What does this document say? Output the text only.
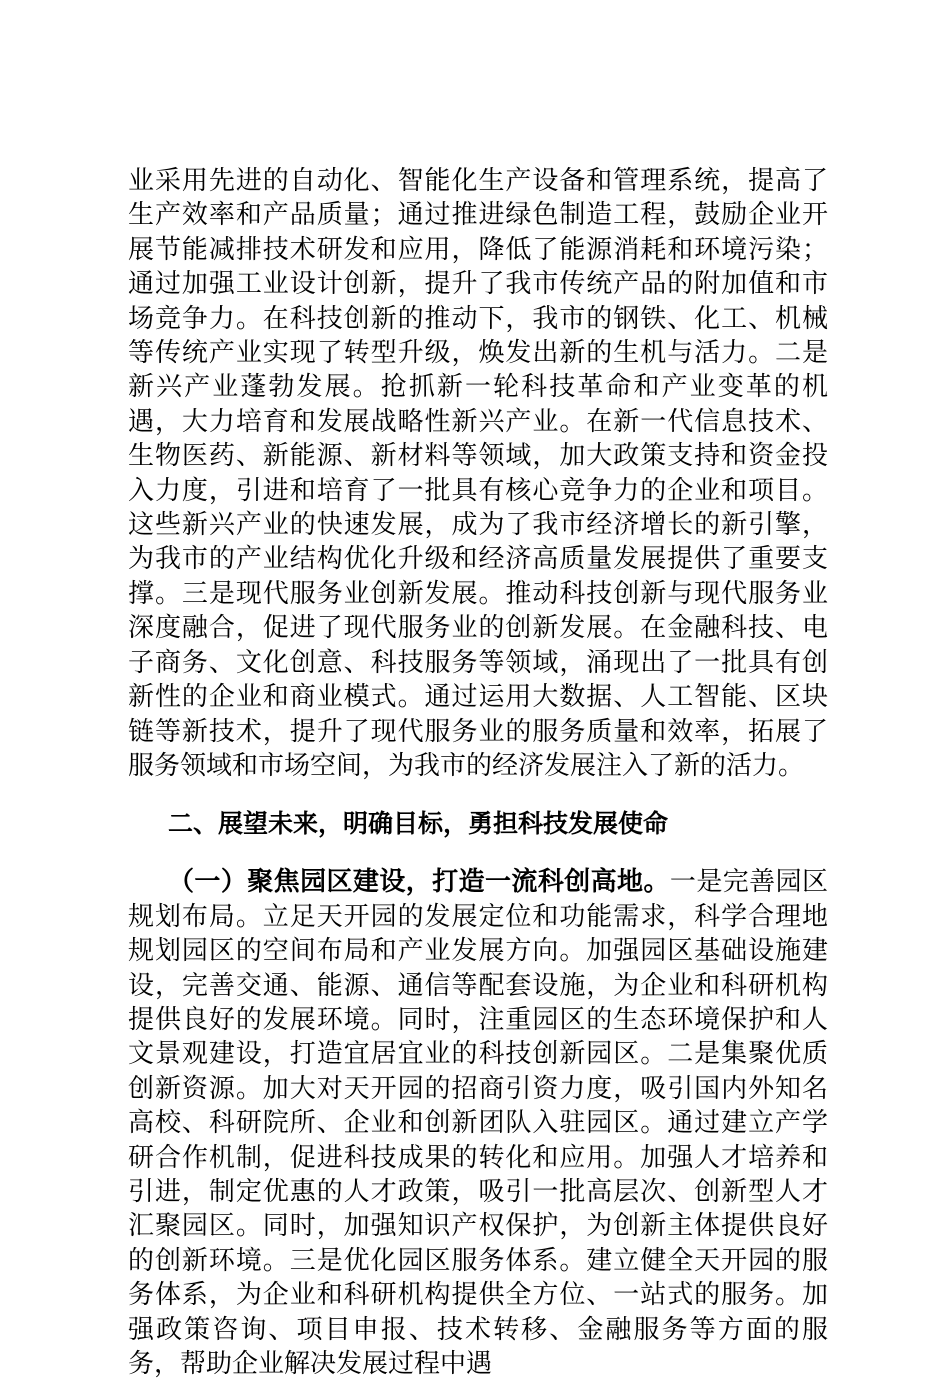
业采用先进的自动化、智能化生产设备和管理系统，提高了生产效率和产品质量；通过推进绿色制造工程，鼓励企业开展节能减排技术研发和应用，降低了能源消耗和环境污染；通过加强工业设计创新，提升了我市传统产品的附加值和市场竞争力。在科技创新的推动下，我市的钢铁、化工、机械等传统产业实现了转型升级，焕发出新的生机与活力。二是新兴产业蓬勃发展。抢抓新一轮科技革命和产业变革的机遇，大力培育和发展战略性新兴产业。在新一代信息技术、生物医药、新能源、新材料等领域，加大政策支持和资金投入力度，引进和培育了一批具有核心竞争力的企业和项目。这些新兴产业的快速发展，成为了我市经济增长的新引擎，为我市的产业结构优化升级和经济高质量发展提供了重要支撑。三是现代服务业创新发展。推动科技创新与现代服务业深度融合，促进了现代服务业的创新发展。在金融科技、电子商务、文化创意、科技服务等领域，涌现出了一批具有创新性的企业和商业模式。通过运用大数据、人工智能、区块链等新技术，提升了现代服务业的服务质量和效率，拓展了服务领域和市场空间，为我市的经济发展注入了新的活力。

二、展望未来，明确目标，勇担科技发展使命

（一）聚焦园区建设，打造一流科创高地。一是完善园区规划布局。立足天开园的发展定位和功能需求，科学合理地规划园区的空间布局和产业发展方向。加强园区基础设施建设，完善交通、能源、通信等配套设施，为企业和科研机构提供良好的发展环境。同时，注重园区的生态环境保护和人文景观建设，打造宜居宜业的科技创新园区。二是集聚优质创新资源。加大对天开园的招商引资力度，吸引国内外知名高校、科研院所、企业和创新团队入驻园区。通过建立产学研合作机制，促进科技成果的转化和应用。加强人才培养和引进，制定优惠的人才政策，吸引一批高层次、创新型人才汇聚园区。同时，加强知识产权保护，为创新主体提供良好的创新环境。三是优化园区服务体系。建立健全天开园的服务体系，为企业和科研机构提供全方位、一站式的服务。加强政策咨询、项目申报、技术转移、金融服务等方面的服务，帮助企业解决发展过程中遇
